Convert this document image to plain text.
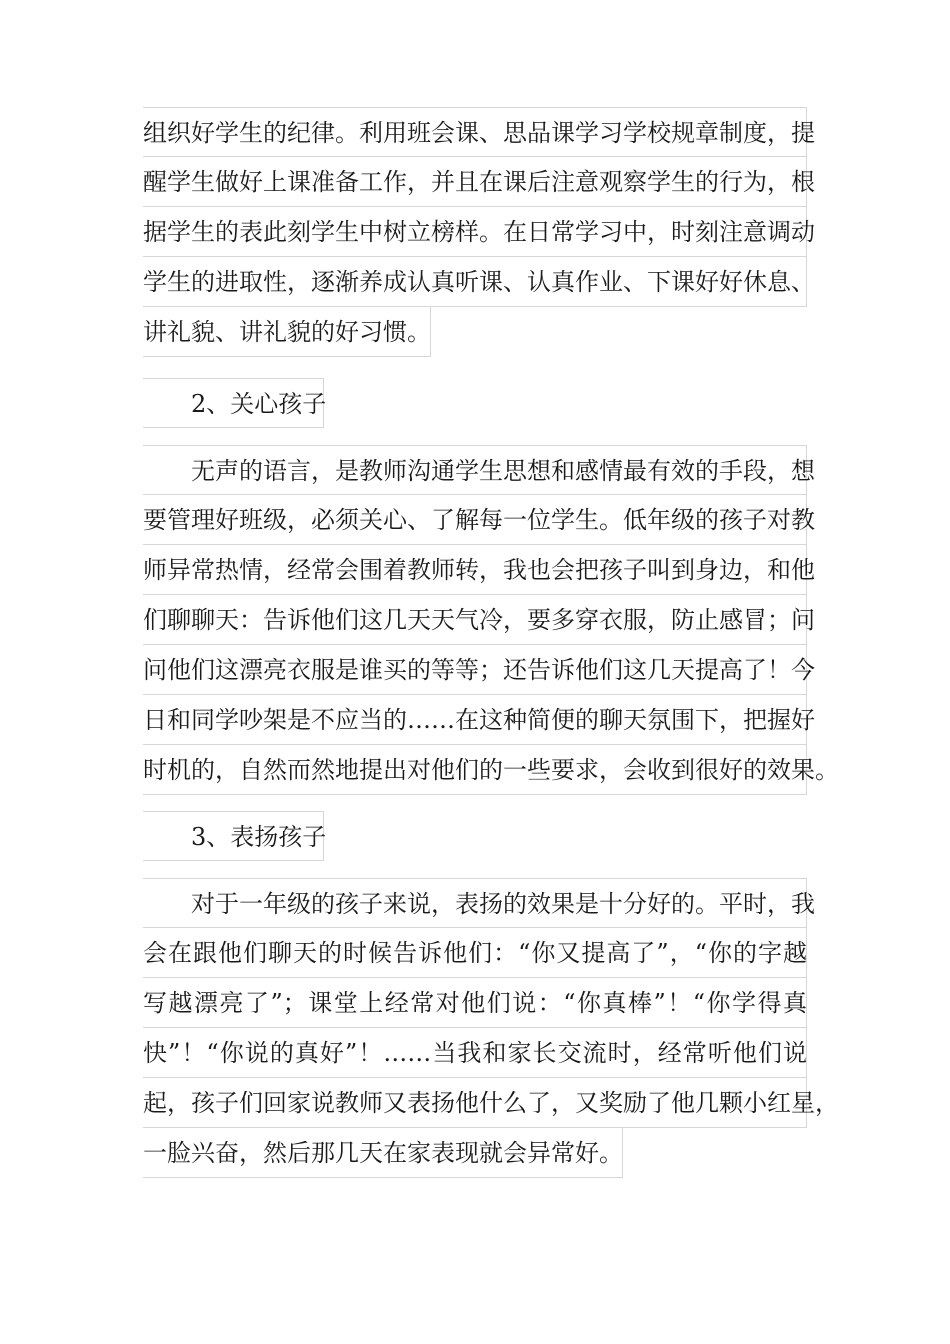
组织好学生的纪律。利用班会课、思品课学习学校规章制度，提
醒学生做好上课准备工作，并且在课后注意观察学生的行为，根
据学生的表此刻学生中树立榜样。在日常学习中，时刻注意调动
学生的进取性，逐渐养成认真听课、认真作业、下课好好休息、
讲礼貌、讲礼貌的好习惯。
2、关心孩子
无声的语言，是教师沟通学生思想和感情最有效的手段，想
要管理好班级，必须关心、了解每一位学生。低年级的孩子对教
师异常热情，经常会围着教师转，我也会把孩子叫到身边，和他
们聊聊天：告诉他们这几天天气冷，要多穿衣服，防止感冒；问
问他们这漂亮衣服是谁买的等等；还告诉他们这几天提高了！今
日和同学吵架是不应当的……在这种简便的聊天氛围下，把握好
时机的，自然而然地提出对他们的一些要求，会收到很好的效果。
3、表扬孩子
对于一年级的孩子来说，表扬的效果是十分好的。平时，我
会在跟他们聊天的时候告诉他们：“你又提高了”，“你的字越
写越漂亮了”；课堂上经常对他们说：“你真棒”！“你学得真
快”！“你说的真好”！……当我和家长交流时，经常听他们说
起，孩子们回家说教师又表扬他什么了，又奖励了他几颗小红星，
一脸兴奋，然后那几天在家表现就会异常好。
